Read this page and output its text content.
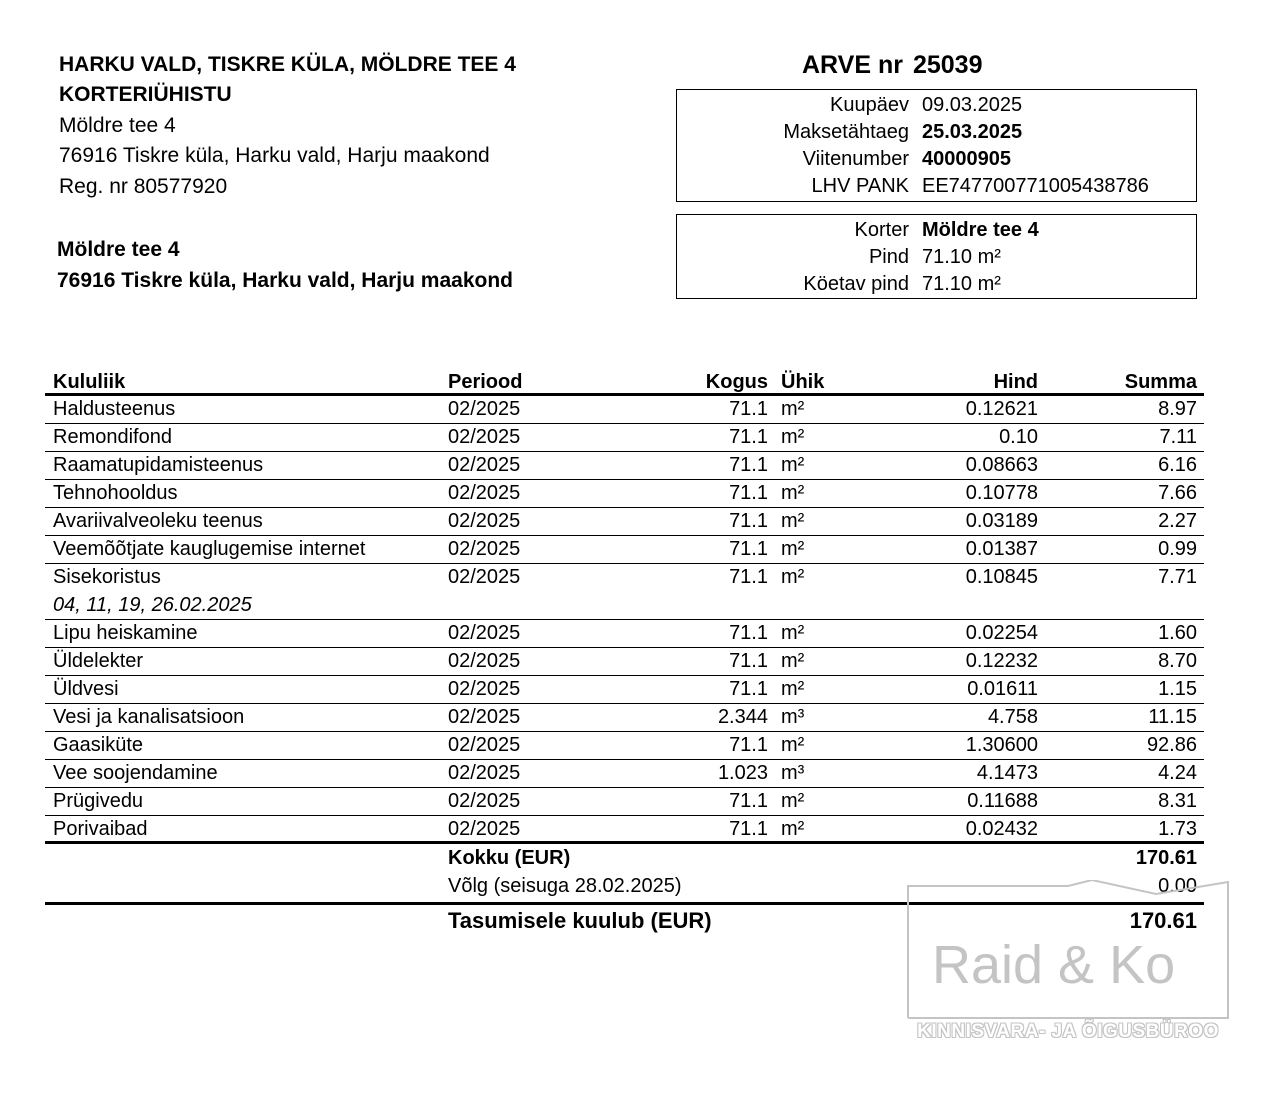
HARKU VALD, TISKRE KÜLA, MÖLDRE TEE 4
KORTERIÜHISTU
Möldre tee 4
76916 Tiskre küla, Harku vald, Harju maakond
Reg. nr 80577920
Möldre tee 4
76916 Tiskre küla, Harku vald, Harju maakond
ARVE nr 25039
Kuupäev 09.03.2025
Maksetähtaeg 25.03.2025
Viitenumber 40000905
LHV PANK EE747700771005438786
Korter Möldre tee 4
Pind 71.10 m²
Köetav pind 71.10 m²
Kululiik	Periood	Kogus Ühik	Hind	Summa
Haldusteenus	02/2025	71.1 m²	0.12621	8.97
Remondifond	02/2025	71.1 m²	0.10	7.11
Raamatupidamisteenus	02/2025	71.1 m²	0.08663	6.16
Tehnohooldus	02/2025	71.1 m²	0.10778	7.66
Avariivalveoleku teenus	02/2025	71.1 m²	0.03189	2.27
Veemõõtjate kauglugemise internet	02/2025	71.1 m²	0.01387	0.99
Sisekoristus	02/2025	71.1 m²	0.10845	7.71
04, 11, 19, 26.02.2025
Lipu heiskamine	02/2025	71.1 m²	0.02254	1.60
Üldelekter	02/2025	71.1 m²	0.12232	8.70
Üldvesi	02/2025	71.1 m²	0.01611	1.15
Vesi ja kanalisatsioon	02/2025	2.344 m³	4.758	11.15
Gaasiküte	02/2025	71.1 m²	1.30600	92.86
Vee soojendamine	02/2025	1.023 m³	4.1473	4.24
Prügivedu	02/2025	71.1 m²	0.11688	8.31
Porivaibad	02/2025	71.1 m²	0.02432	1.73
Kokku (EUR)	170.61
Võlg (seisuga 28.02.2025)	0.00
Tasumisele kuulub (EUR)	170.61
Raid & Ko
KINNISVARA- JA ÕIGUSBÜROO
